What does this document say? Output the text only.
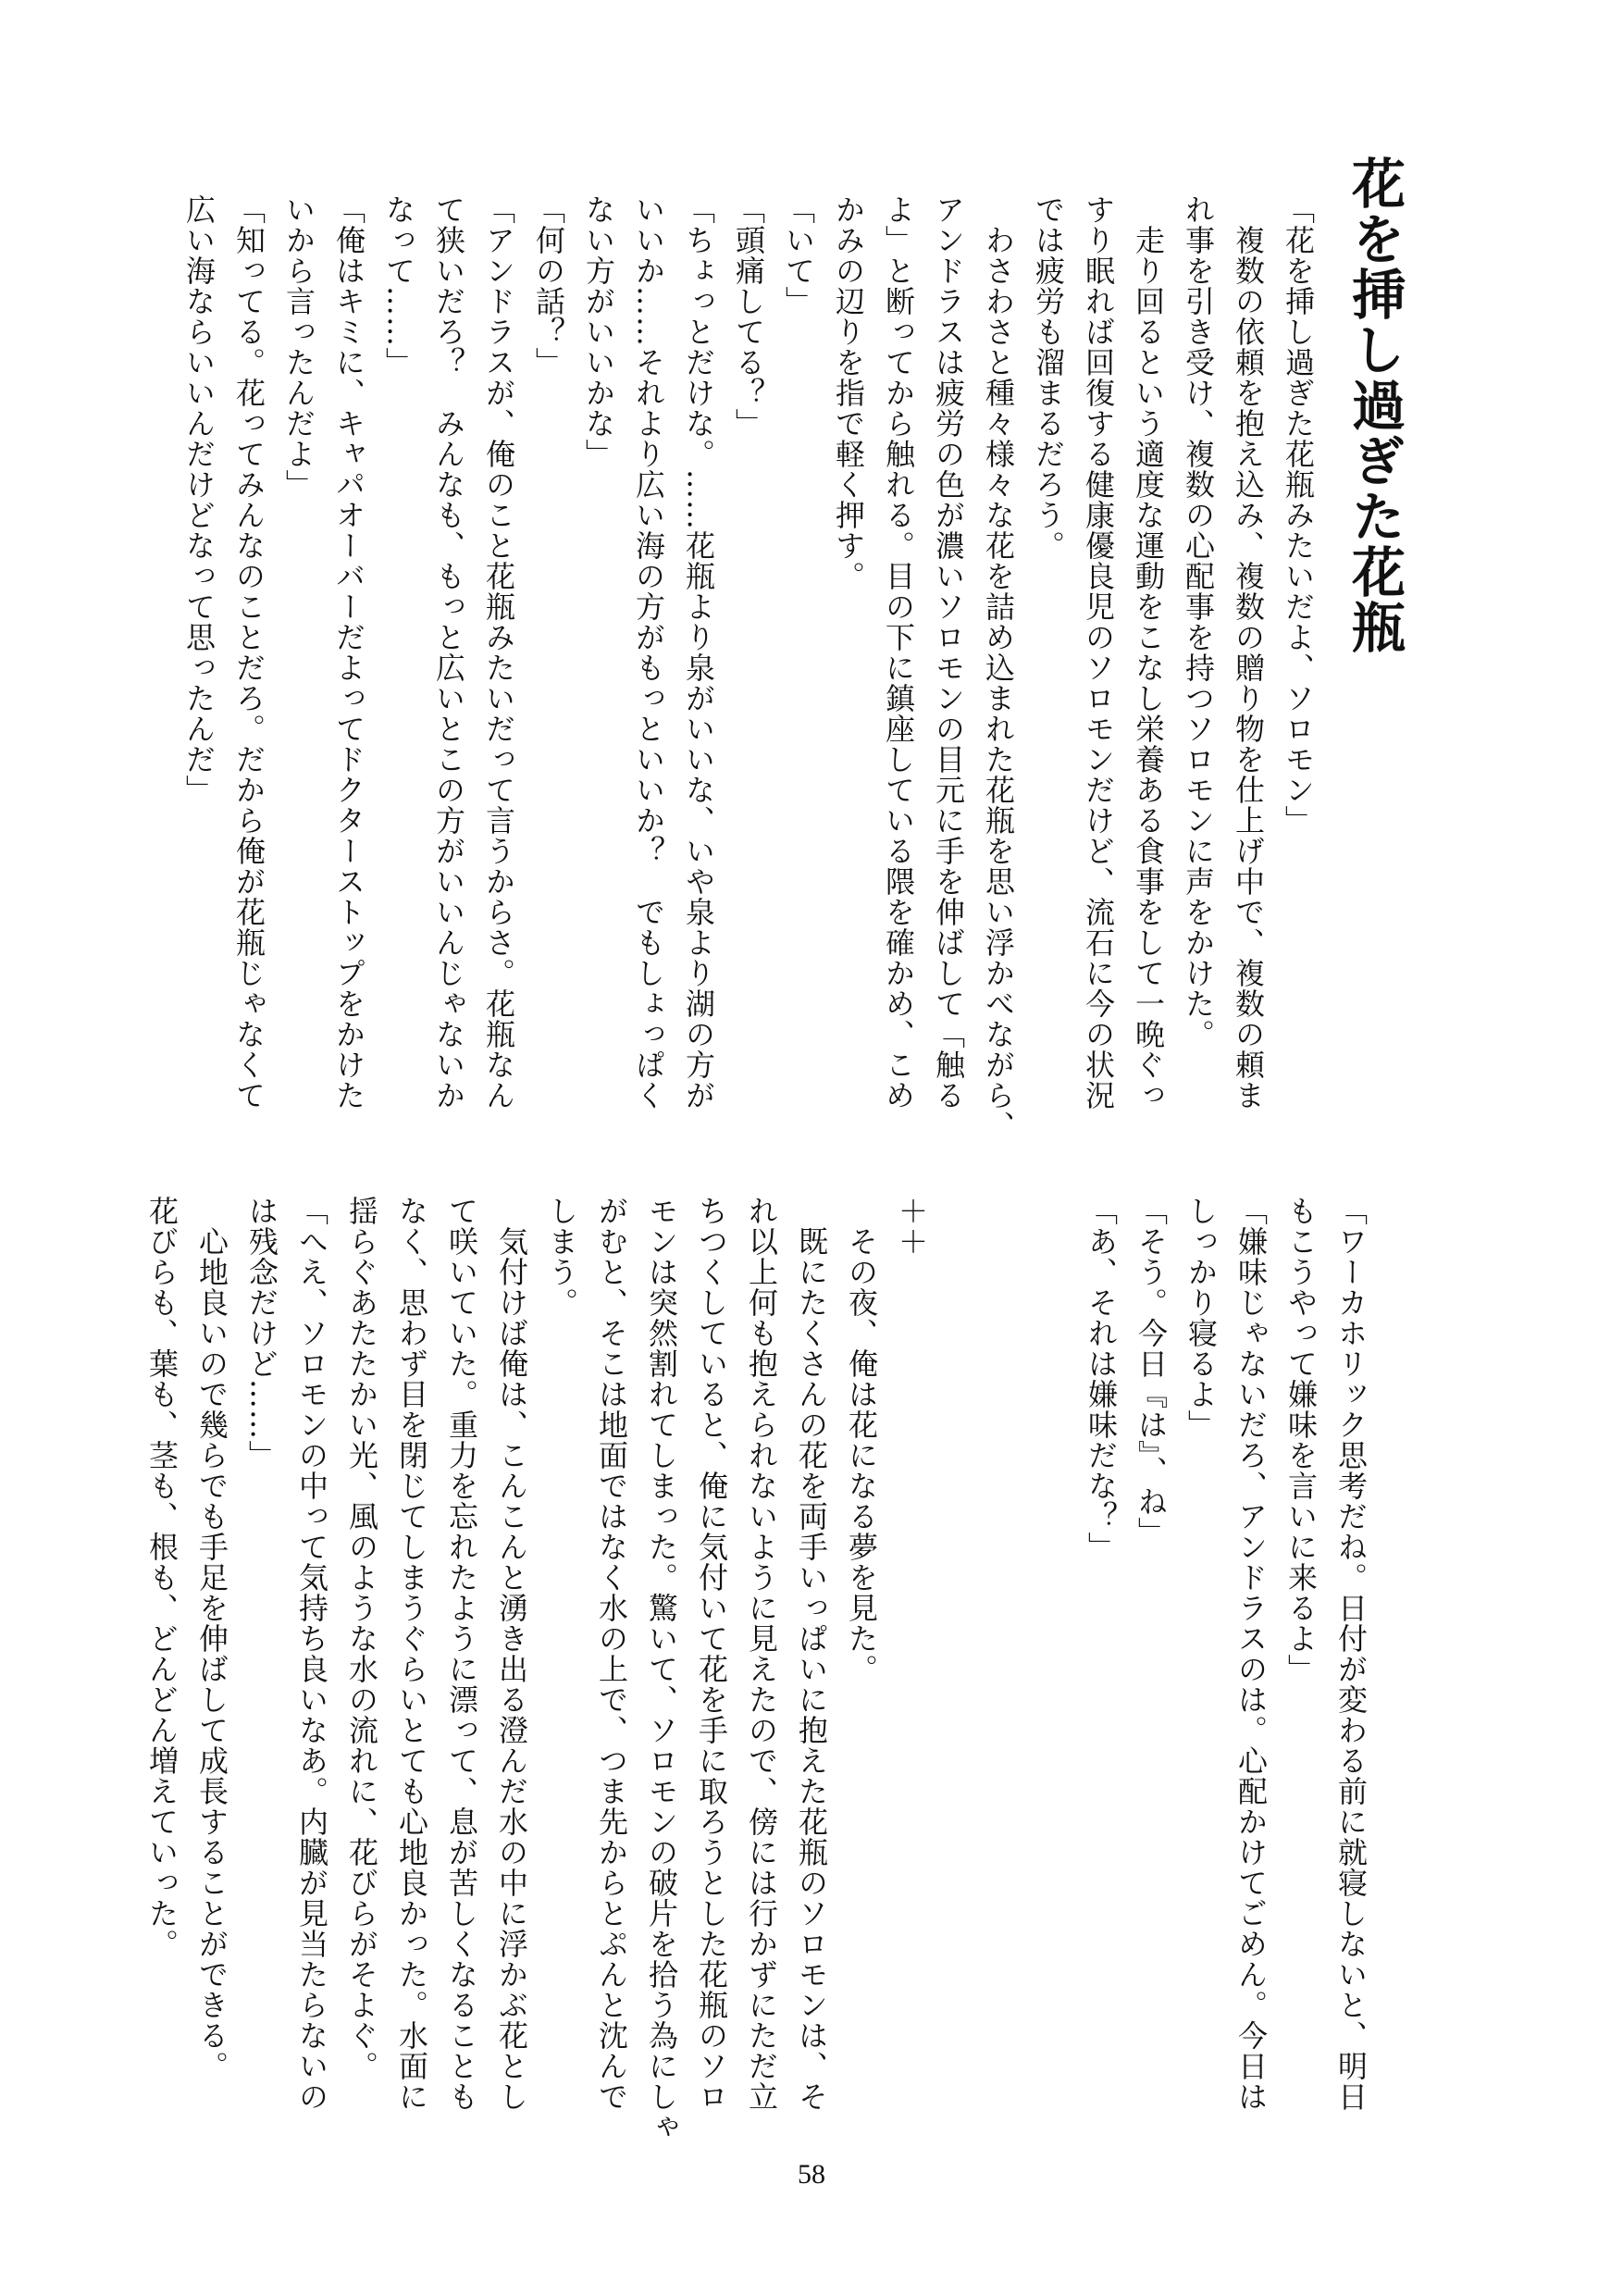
花を挿し過ぎた花瓶

「花を挿し過ぎた花瓶みたいだよ、ソロモン」

　複数の依頼を抱え込み、複数の贈り物を仕上げ中で、複数の頼ま

れ事を引き受け、複数の心配事を持つソロモンに声をかけた。

　走り回るという適度な運動をこなし栄養ある食事をして一晩ぐっ

すり眠れば回復する健康優良児のソロモンだけど、流石に今の状況

では疲労も溜まるだろう。

　わさわさと種々様々な花を詰め込まれた花瓶を思い浮かべながら、

アンドラスは疲労の色が濃いソロモンの目元に手を伸ばして「触る

よ」と断ってから触れる。目の下に鎮座している隈を確かめ、こめ

かみの辺りを指で軽く押す。

「いて」

「頭痛してる？」

「ちょっとだけな。……花瓶より泉がいいな、いや泉より湖の方が

いいか……それより広い海の方がもっといいか？　でもしょっぱく

ない方がいいかな」

「何の話？」

「アンドラスが、俺のこと花瓶みたいだって言うからさ。花瓶なん

て狭いだろ？　みんなも、もっと広いとこの方がいいんじゃないか

なって……」

「俺はキミに、キャパオーバーだよってドクターストップをかけた

いから言ったんだよ」

「知ってる。花ってみんなのことだろ。だから俺が花瓶じゃなくて

広い海ならいいんだけどなって思ったんだ」

「ワーカホリック思考だね。日付が変わる前に就寝しないと、明日

もこうやって嫌味を言いに来るよ」

「嫌味じゃないだろ、アンドラスのは。心配かけてごめん。今日は

しっかり寝るよ」

「そう。今日『は』、ね」

「あ、それは嫌味だな？」

＋＋

　その夜、俺は花になる夢を見た。

　既にたくさんの花を両手いっぱいに抱えた花瓶のソロモンは、そ

れ以上何も抱えられないように見えたので、傍には行かずにただ立

ちつくしていると、俺に気付いて花を手に取ろうとした花瓶のソロ

モンは突然割れてしまった。驚いて、ソロモンの破片を拾う為にしゃ

がむと、そこは地面ではなく水の上で、つま先からとぷんと沈んで

しまう。

　気付けば俺は、こんこんと湧き出る澄んだ水の中に浮かぶ花とし

て咲いていた。重力を忘れたように漂って、息が苦しくなることも

なく、思わず目を閉じてしまうぐらいとても心地良かった。水面に

揺らぐあたたかい光、風のような水の流れに、花びらがそよぐ。

「へえ、ソロモンの中って気持ち良いなあ。内臓が見当たらないの

は残念だけど……」

　心地良いので幾らでも手足を伸ばして成長することができる。

花びらも、葉も、茎も、根も、どんどん増えていった。

58
